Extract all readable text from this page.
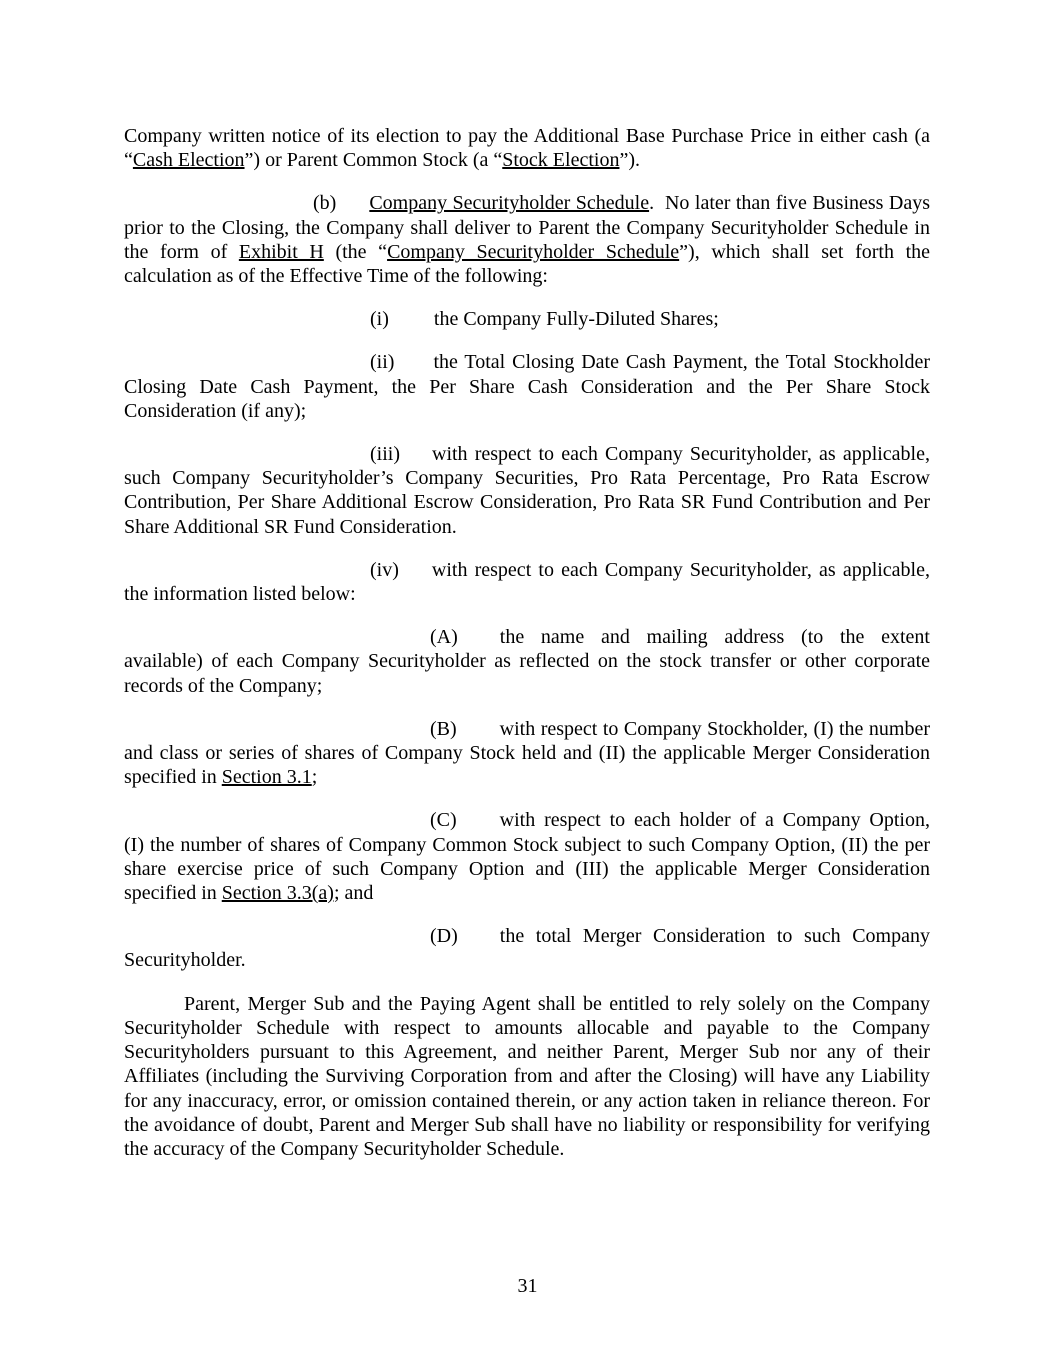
Company written notice of its election to pay the Additional Base Purchase Price in either cash (a “Cash Election”) or Parent Common Stock (a “Stock Election”).

(b) Company Securityholder Schedule.  No later than five Business Days prior to the Closing, the Company shall deliver to Parent the Company Securityholder Schedule in the form of Exhibit H (the “Company Securityholder Schedule”), which shall set forth the calculation as of the Effective Time of the following:

(i) the Company Fully-Diluted Shares;

(ii) the Total Closing Date Cash Payment, the Total Stockholder Closing Date Cash Payment, the Per Share Cash Consideration and the Per Share Stock Consideration (if any);

(iii) with respect to each Company Securityholder, as applicable, such Company Securityholder’s Company Securities, Pro Rata Percentage, Pro Rata Escrow Contribution, Per Share Additional Escrow Consideration, Pro Rata SR Fund Contribution and Per Share Additional SR Fund Consideration.

(iv) with respect to each Company Securityholder, as applicable, the information listed below:

(A) the name and mailing address (to the extent available) of each Company Securityholder as reflected on the stock transfer or other corporate records of the Company;

(B) with respect to Company Stockholder, (I) the number and class or series of shares of Company Stock held and (II) the applicable Merger Consideration specified in Section 3.1;

(C) with respect to each holder of a Company Option, (I) the number of shares of Company Common Stock subject to such Company Option, (II) the per share exercise price of such Company Option and (III) the applicable Merger Consideration specified in Section 3.3(a); and

(D) the total Merger Consideration to such Company Securityholder.

Parent, Merger Sub and the Paying Agent shall be entitled to rely solely on the Company Securityholder Schedule with respect to amounts allocable and payable to the Company Securityholders pursuant to this Agreement, and neither Parent, Merger Sub nor any of their Affiliates (including the Surviving Corporation from and after the Closing) will have any Liability for any inaccuracy, error, or omission contained therein, or any action taken in reliance thereon. For the avoidance of doubt, Parent and Merger Sub shall have no liability or responsibility for verifying the accuracy of the Company Securityholder Schedule.

31
